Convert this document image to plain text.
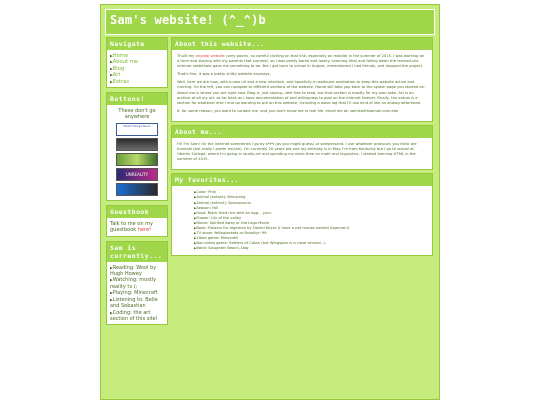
Sam's website! (^_^)b
Navigate
▶ Home
▶ About me
▶ Blog
▶ Art
▶ Extras
Buttons!
These don't go anywhere
AbeXchange Now!
UNREALITY
Guestbook
Talk to me on my guestbook here!
Sam is currently...
▶ Reading: Wool by Hugh Howey
▶ Watching: mostly reality tv (:
▶ Playing: Minecraft
▶ Listening to: Belle and Sebastian
▶ Coding: the art section of this site!
About this website...

Thuilt my original website (very poorly, so careful clicking on that link, especially on mobile) in the summer of 2015. I was working on a farm and staying with my parents that summer, so I was pretty bored and lonely. Learning html and falling down the revived-old-internet rabbithole gave me something to do. But I got back to school in August, remembered I had friends, and dropped the project.

That's fine, it was a pretty shitty website anyways.

Well, here we are now, with a new url and a new interface, and hopefully a newfound motivation to keep this website active and running. On the left, you can navigate to different sections of the website. Home will take you back to the splash page you started on. About me is where you are right now. Blog is, just saying—feel free to read, but that section is mostly for my own sake. Art is an archive of all my art, as far back as I have documentation of and willingness to post on the internet forever. Finally, the extras is a section for whatever else I end up wanting to put on this website, including a wave log that I'll use kind of like an analog letterhead.

If, for some reason, you want to contact me, and you don't know me in real life, email me at: samlsmithsamail.com.edu

About me...

Hi! I'm Sam! On the internet sometimes I go by s*t*t (as you might guess) or sampersand. I use whatever pronouns you think are funniest (but really I prefer he/she). I'm currently 20 years old and my birthday is in May. I'm from Kentucky but I go to school at Oberlin College, where I'm going in studio art and spending my extra time on math and linguistics. I started learning HTML in the summer of 2015.

My favorites...
▶ Color: Pink
▶ Animal (extant): Binturong
▶ Animal (extinct): Spinosaurus
▶ Season: Fall
▶ Food: Black fried rice with an egg... yum.
▶ Flower: Lily of the valley
▶ Movie: Spirited Away or the Lego Movie
▶ Book: Flowers for Algernon by Daniel Keyes (I have a pet mouse named Algernon!)
▶ TV show: Yellowjackets or Brooklyn 99
▶ Video game: Minecraft
▶ Non-video game: Settlers of Catan (but Wingspan is a close second...)
▶ Band: Slaughter Beach, Dog
